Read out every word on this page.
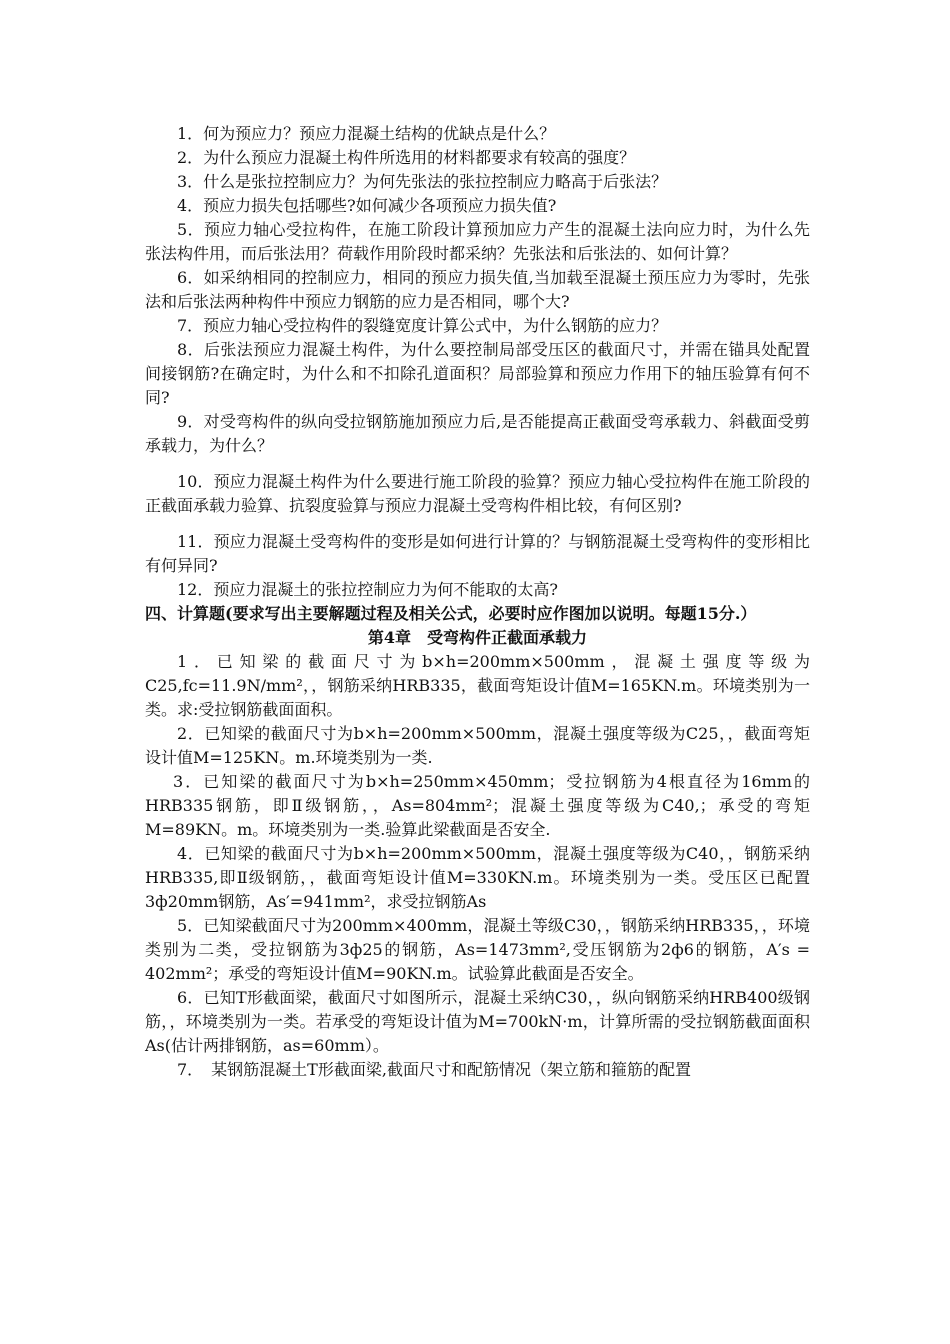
1．何为预应力？预应力混凝土结构的优缺点是什么？

2．为什么预应力混凝土构件所选用的材料都要求有较高的强度？

3．什么是张拉控制应力？为何先张法的张拉控制应力略高于后张法？

4．预应力损失包括哪些?如何减少各项预应力损失值?

5．预应力轴心受拉构件，在施工阶段计算预加应力产生的混凝土法向应力时，为什么先张法构件用，而后张法用？荷载作用阶段时都采纳？先张法和后张法的、如何计算？

6．如采纳相同的控制应力，相同的预应力损失值,当加载至混凝土预压应力为零时，先张法和后张法两种构件中预应力钢筋的应力是否相同，哪个大?

7．预应力轴心受拉构件的裂缝宽度计算公式中，为什么钢筋的应力？

8．后张法预应力混凝土构件，为什么要控制局部受压区的截面尺寸，并需在锚具处配置间接钢筋?在确定时，为什么和不扣除孔道面积？局部验算和预应力作用下的轴压验算有何不同?

9．对受弯构件的纵向受拉钢筋施加预应力后,是否能提高正截面受弯承载力、斜截面受剪承载力，为什么？

10．预应力混凝土构件为什么要进行施工阶段的验算？预应力轴心受拉构件在施工阶段的正截面承载力验算、抗裂度验算与预应力混凝土受弯构件相比较，有何区别?

11．预应力混凝土受弯构件的变形是如何进行计算的？与钢筋混凝土受弯构件的变形相比有何异同?

12．预应力混凝土的张拉控制应力为何不能取的太高?

四、计算题(要求写出主要解题过程及相关公式，必要时应作图加以说明。每题15分.）

第4章　受弯构件正截面承载力

1．已知梁的截面尺寸为b×h=200mm×500mm，混凝土强度等级为C25,fc=11.9N/mm²，，钢筋采纳HRB335，截面弯矩设计值M=165KN.m。环境类别为一类。求:受拉钢筋截面面积。

2．已知梁的截面尺寸为b×h=200mm×500mm，混凝土强度等级为C25，，截面弯矩设计值M=125KN。m.环境类别为一类.

3．已知梁的截面尺寸为b×h=250mm×450mm；受拉钢筋为4根直径为16mm的HRB335钢筋，即Ⅱ级钢筋，，As=804mm²；混凝土强度等级为C40,；承受的弯矩M=89KN。m。环境类别为一类.验算此梁截面是否安全.

4．已知梁的截面尺寸为b×h=200mm×500mm，混凝土强度等级为C40，，钢筋采纳HRB335,即Ⅱ级钢筋，，截面弯矩设计值M=330KN.m。环境类别为一类。受压区已配置3ф20mm钢筋，As′=941mm²，求受拉钢筋As

5．已知梁截面尺寸为200mm×400mm，混凝土等级C30，，钢筋采纳HRB335，，环境类别为二类，受拉钢筋为3ф25的钢筋，As=1473mm²,受压钢筋为2ф6的钢筋，A′s = 402mm²；承受的弯矩设计值M=90KN.m。试验算此截面是否安全。

6．已知T形截面梁，截面尺寸如图所示，混凝土采纳C30，，纵向钢筋采纳HRB400级钢筋，，环境类别为一类。若承受的弯矩设计值为M=700kN·m，计算所需的受拉钢筋截面面积As(估计两排钢筋，as=60mm）。

7．　某钢筋混凝土T形截面梁,截面尺寸和配筋情况（架立筋和箍筋的配置
